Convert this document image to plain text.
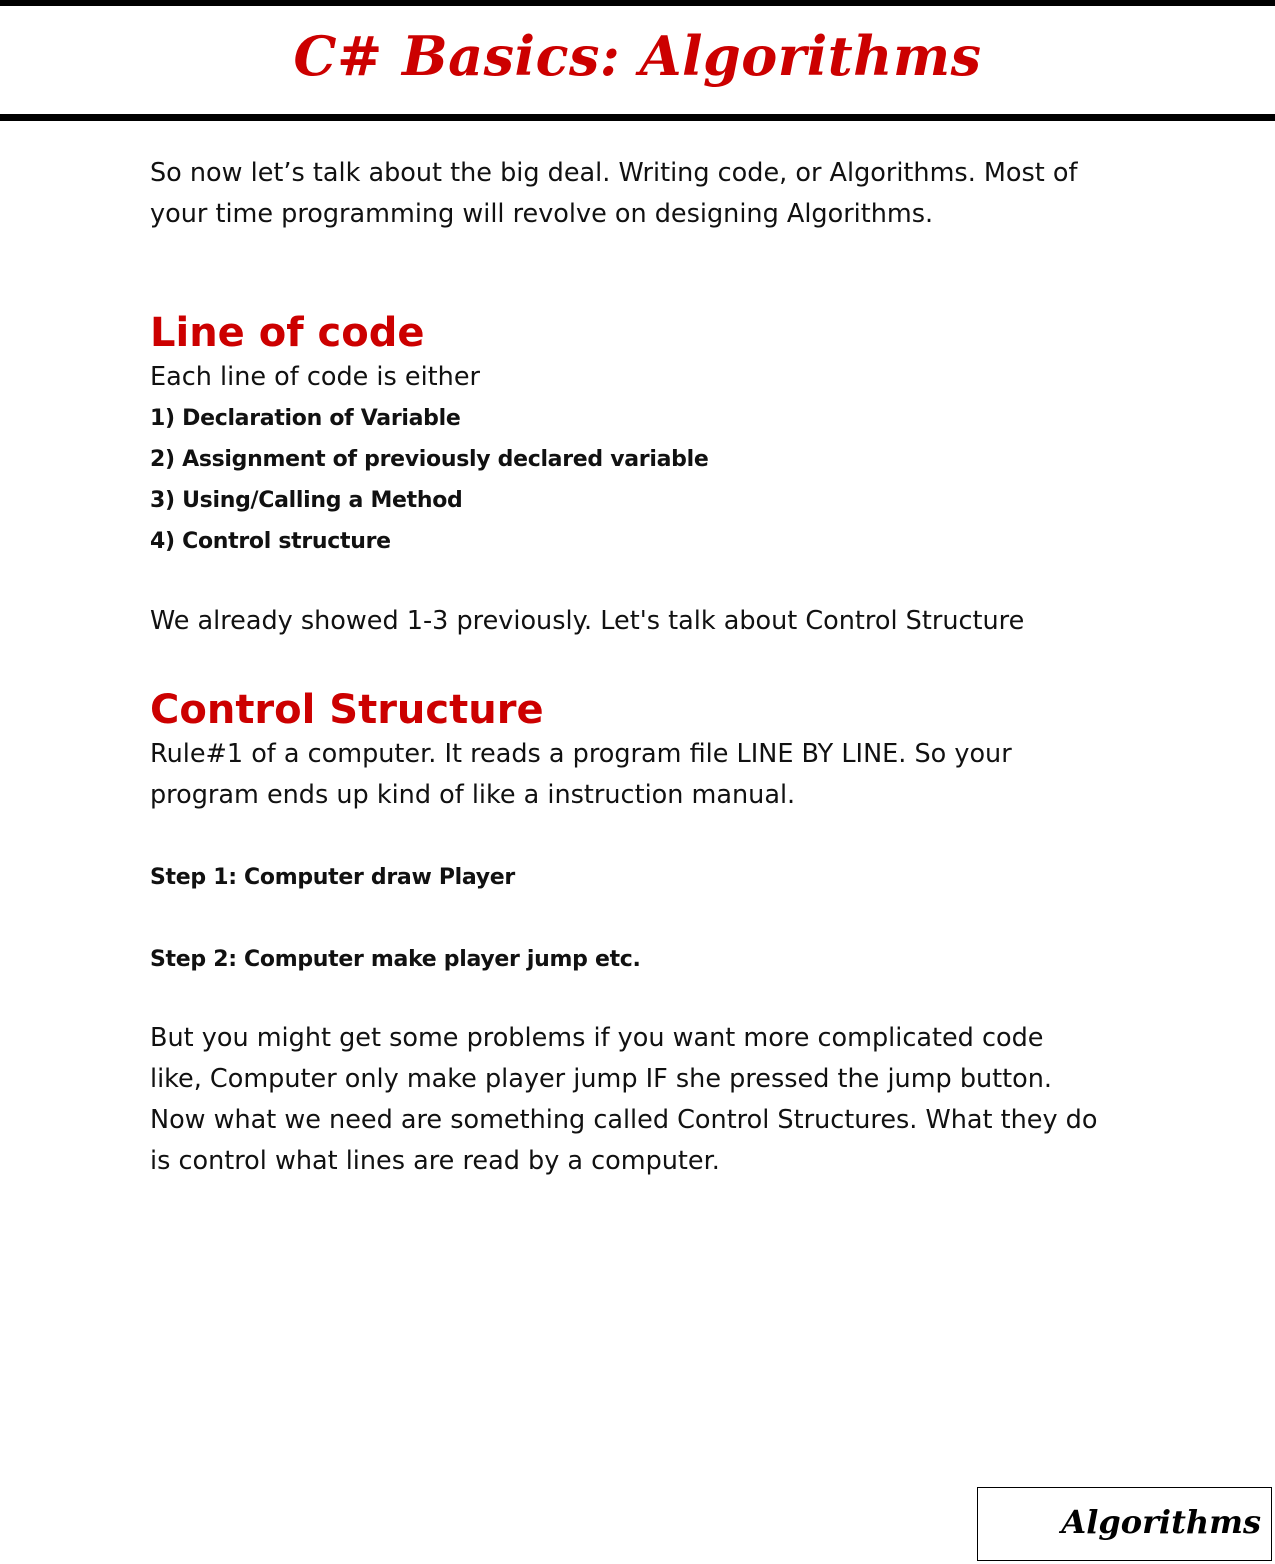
C# Basics: Algorithms

So now let’s talk about the big deal. Writing code, or Algorithms. Most of

your time programming will revolve on designing Algorithms.

Line of code

Each line of code is either

1) Declaration of Variable

2) Assignment of previously declared variable

3) Using/Calling a Method

4) Control structure

We already showed 1-3 previously. Let's talk about Control Structure

Control Structure

Rule#1 of a computer. It reads a program file LINE BY LINE. So your

program ends up kind of like a instruction manual.

Step 1: Computer draw Player

Step 2: Computer make player jump etc.

But you might get some problems if you want more complicated code

like, Computer only make player jump IF she pressed the jump button.

Now what we need are something called Control Structures. What they do

is control what lines are read by a computer.

Algorithms
